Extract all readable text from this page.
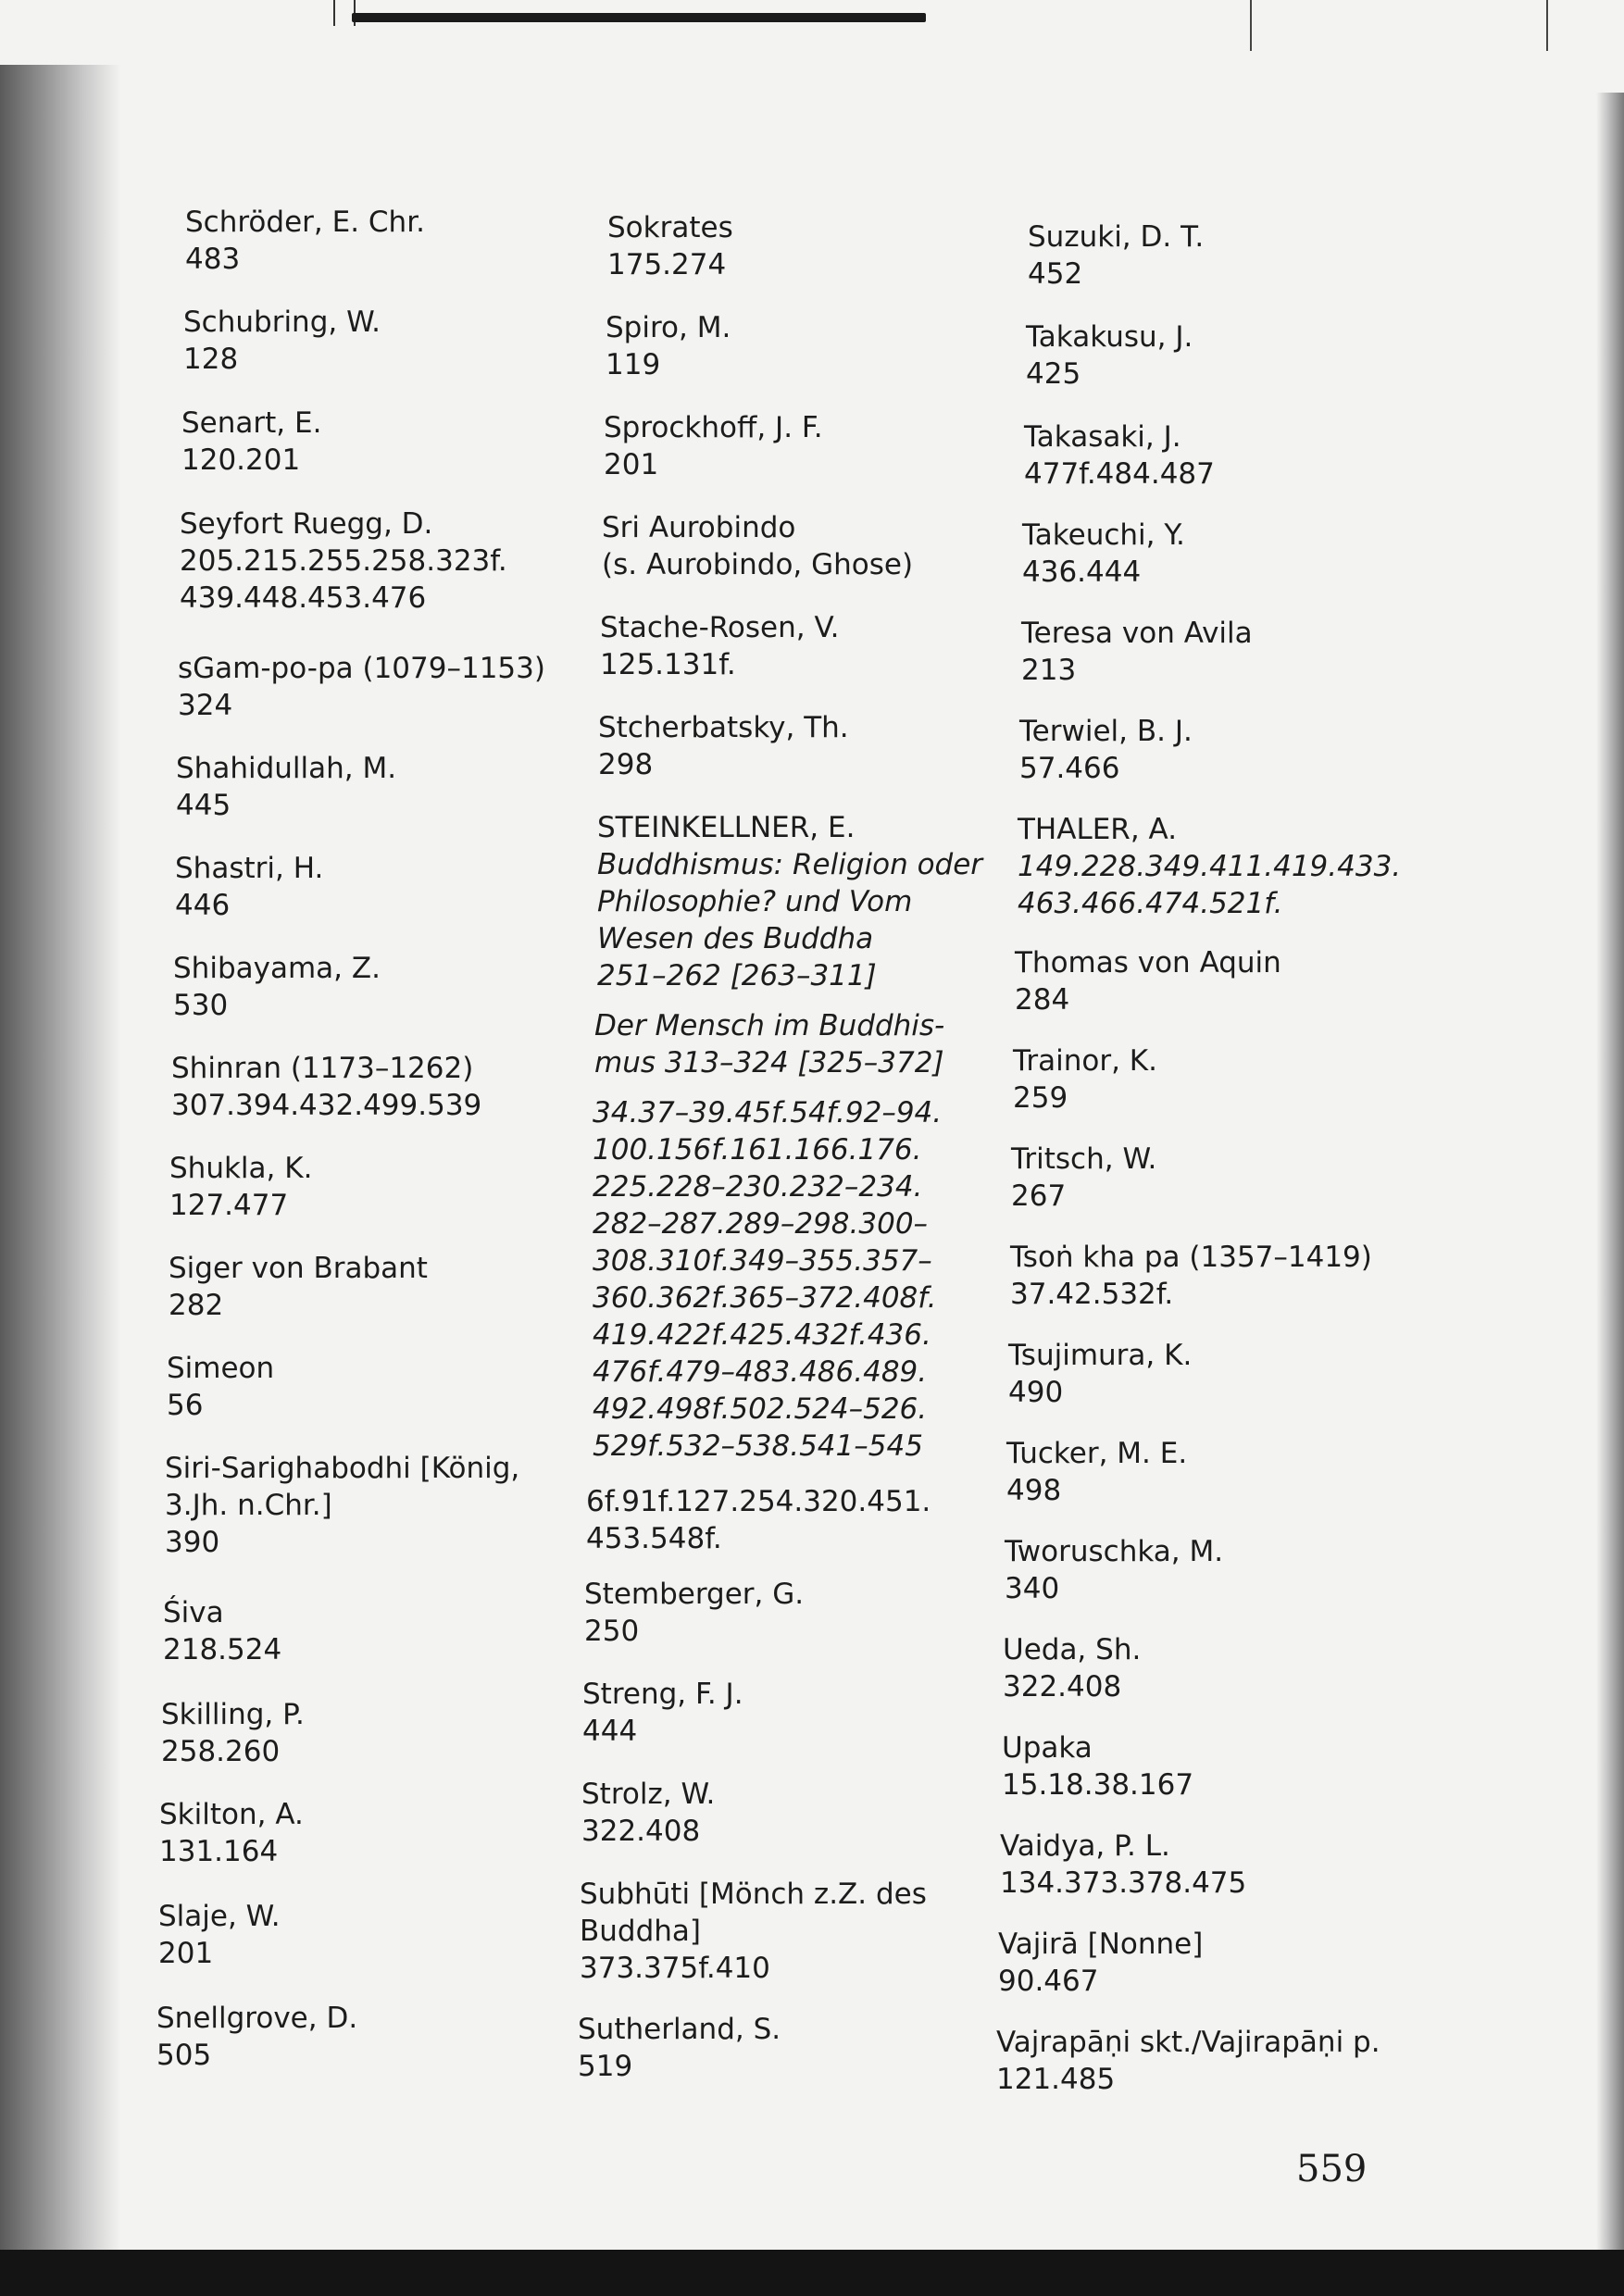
Schröder, E. Chr.
483
Schubring, W.
128
Senart, E.
120.201
Seyfort Ruegg, D.
205.215.255.258.323f.
439.448.453.476
sGam-po-pa (1079–1153)
324
Shahidullah, M.
445
Shastri, H.
446
Shibayama, Z.
530
Shinran (1173–1262)
307.394.432.499.539
Shukla, K.
127.477
Siger von Brabant
282
Simeon
56
Siri-Sarighabodhi [König,
3.Jh. n.Chr.]
390
Śiva
218.524
Skilling, P.
258.260
Skilton, A.
131.164
Slaje, W.
201
Snellgrove, D.
505
Sokrates
175.274
Spiro, M.
119
Sprockhoff, J. F.
201
Sri Aurobindo
(s. Aurobindo, Ghose)
Stache-Rosen, V.
125.131f.
Stcherbatsky, Th.
298
STEINKELLNER, E.
Buddhismus: Religion oder
Philosophie? und Vom
Wesen des Buddha
251–262 [263–311]
Der Mensch im Buddhis-
mus 313–324 [325–372]
34.37–39.45f.54f.92–94.
100.156f.161.166.176.
225.228–230.232–234.
282–287.289–298.300–
308.310f.349–355.357–
360.362f.365–372.408f.
419.422f.425.432f.436.
476f.479–483.486.489.
492.498f.502.524–526.
529f.532–538.541–545
6f.91f.127.254.320.451.
453.548f.
Stemberger, G.
250
Streng, F. J.
444
Strolz, W.
322.408
Subhūti [Mönch z.Z. des
Buddha]
373.375f.410
Sutherland, S.
519
Suzuki, D. T.
452
Takakusu, J.
425
Takasaki, J.
477f.484.487
Takeuchi, Y.
436.444
Teresa von Avila
213
Terwiel, B. J.
57.466
THALER, A.
149.228.349.411.419.433.
463.466.474.521f.
Thomas von Aquin
284
Trainor, K.
259
Tritsch, W.
267
Tsoṅ kha pa (1357–1419)
37.42.532f.
Tsujimura, K.
490
Tucker, M. E.
498
Tworuschka, M.
340
Ueda, Sh.
322.408
Upaka
15.18.38.167
Vaidya, P. L.
134.373.378.475
Vajirā [Nonne]
90.467
Vajrapāṇi skt./Vajirapāṇi p.
121.485
559
